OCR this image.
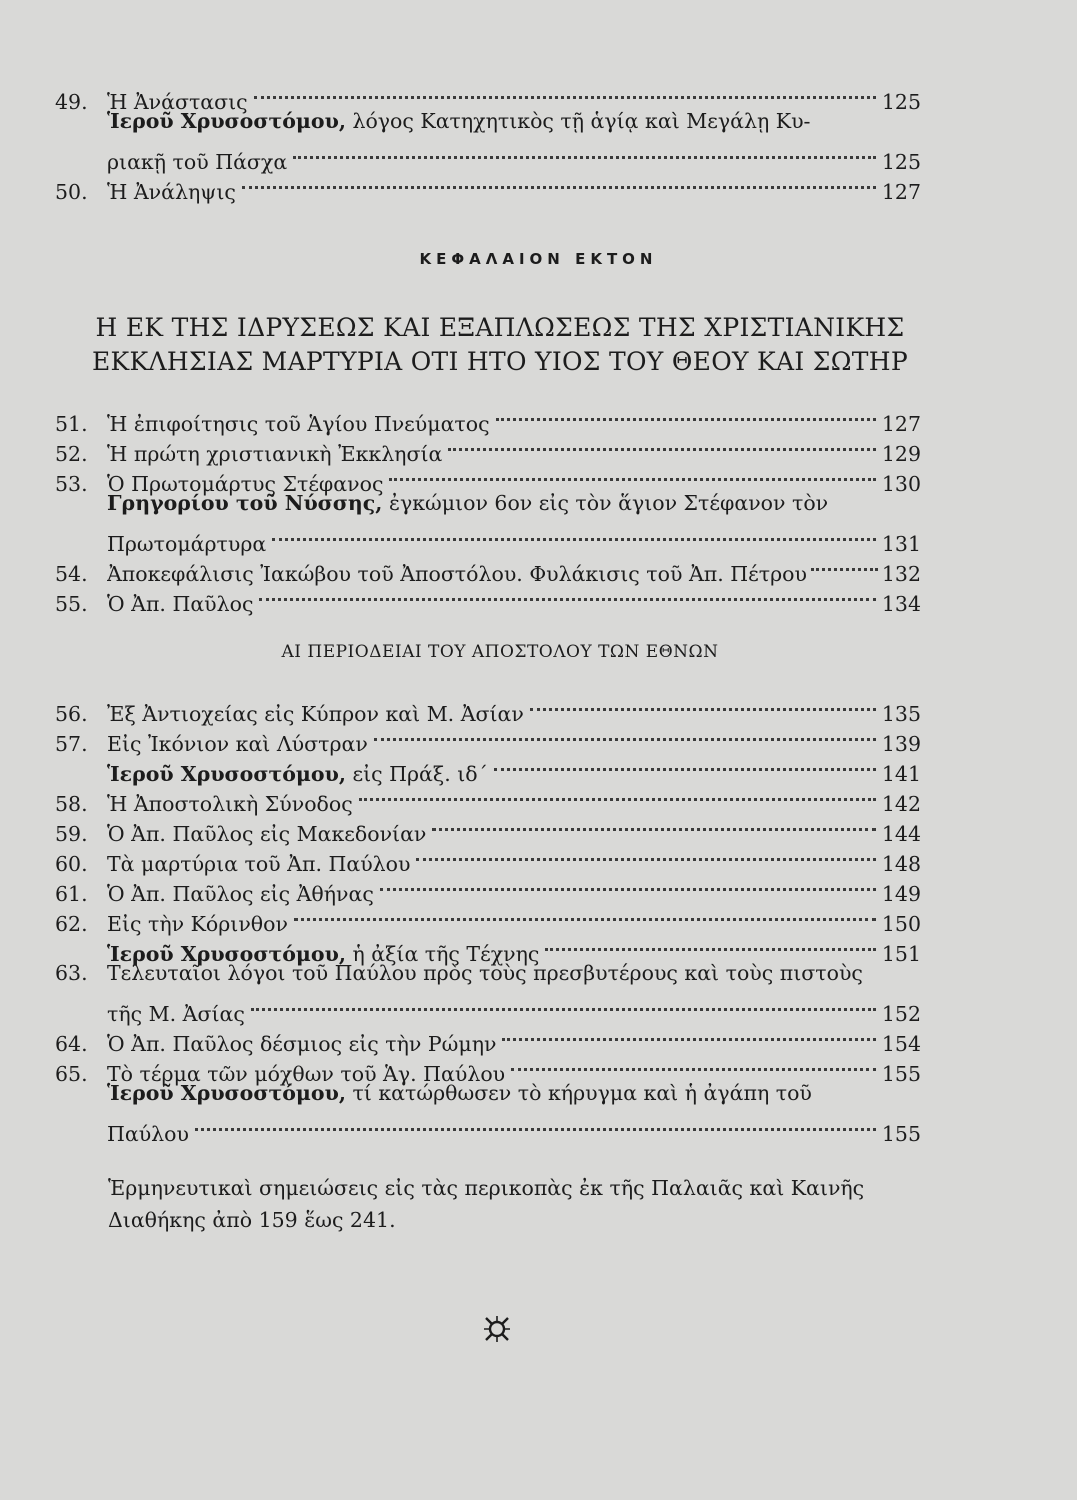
49. Ἡ Ἀνάστασις	125
Ἱεροῦ Χρυσοστόμου, λόγος Κατηχητικὸς τῇ ἁγίᾳ καὶ Μεγάλῃ Κυ-
ριακῇ τοῦ Πάσχα	125
50. Ἡ Ἀνάληψις	127
ΚΕΦΑΛΑΙΟΝ ΕΚΤΟΝ
Η ΕΚ ΤΗΣ ΙΔΡΥΣΕΩΣ ΚΑΙ ΕΞΑΠΛΩΣΕΩΣ ΤΗΣ ΧΡΙΣΤΙΑΝΙΚΗΣ
ΕΚΚΛΗΣΙΑΣ ΜΑΡΤΥΡΙΑ ΟΤΙ ΗΤΟ ΥΙΟΣ ΤΟΥ ΘΕΟΥ ΚΑΙ ΣΩΤΗΡ
51. Ἡ ἐπιφοίτησις τοῦ Ἁγίου Πνεύματος	127
52. Ἡ πρώτη χριστιανικὴ Ἐκκλησία	129
53. Ὁ Πρωτομάρτυς Στέφανος	130
Γρηγορίου τοῦ Νύσσης, ἐγκώμιον 6ον εἰς τὸν ἅγιον Στέφανον τὸν
Πρωτομάρτυρα	131
54. Ἀποκεφάλισις Ἰακώβου τοῦ Ἀποστόλου. Φυλάκισις τοῦ Ἀπ. Πέτρου	132
55. Ὁ Ἀπ. Παῦλος	134
ΑΙ ΠΕΡΙΟΔΕΙΑΙ ΤΟΥ ΑΠΟΣΤΟΛΟΥ ΤΩΝ ΕΘΝΩΝ
56. Ἐξ Ἀντιοχείας εἰς Κύπρον καὶ Μ. Ἀσίαν	135
57. Εἰς Ἰκόνιον καὶ Λύστραν	139
Ἱεροῦ Χρυσοστόμου, εἰς Πράξ. ιδ΄	141
58. Ἡ Ἀποστολικὴ Σύνοδος	142
59. Ὁ Ἀπ. Παῦλος εἰς Μακεδονίαν	144
60. Τὰ μαρτύρια τοῦ Ἀπ. Παύλου	148
61. Ὁ Ἀπ. Παῦλος εἰς Ἀθήνας	149
62. Εἰς τὴν Κόρινθον	150
Ἱεροῦ Χρυσοστόμου, ἡ ἀξία τῆς Τέχνης	151
63. Τελευταῖοι λόγοι τοῦ Παύλου πρὸς τοὺς πρεσβυτέρους καὶ τοὺς πιστοὺς
τῆς Μ. Ἀσίας	152
64. Ὁ Ἀπ. Παῦλος δέσμιος εἰς τὴν Ρώμην	154
65. Τὸ τέρμα τῶν μόχθων τοῦ Ἁγ. Παύλου	155
Ἱεροῦ Χρυσοστόμου, τί κατώρθωσεν τὸ κήρυγμα καὶ ἡ ἀγάπη τοῦ
Παύλου	155
Ἑρμηνευτικαὶ σημειώσεις εἰς τὰς περικοπὰς ἐκ τῆς Παλαιᾶς καὶ Καινῆς
Διαθήκης ἀπὸ 159 ἕως 241.
